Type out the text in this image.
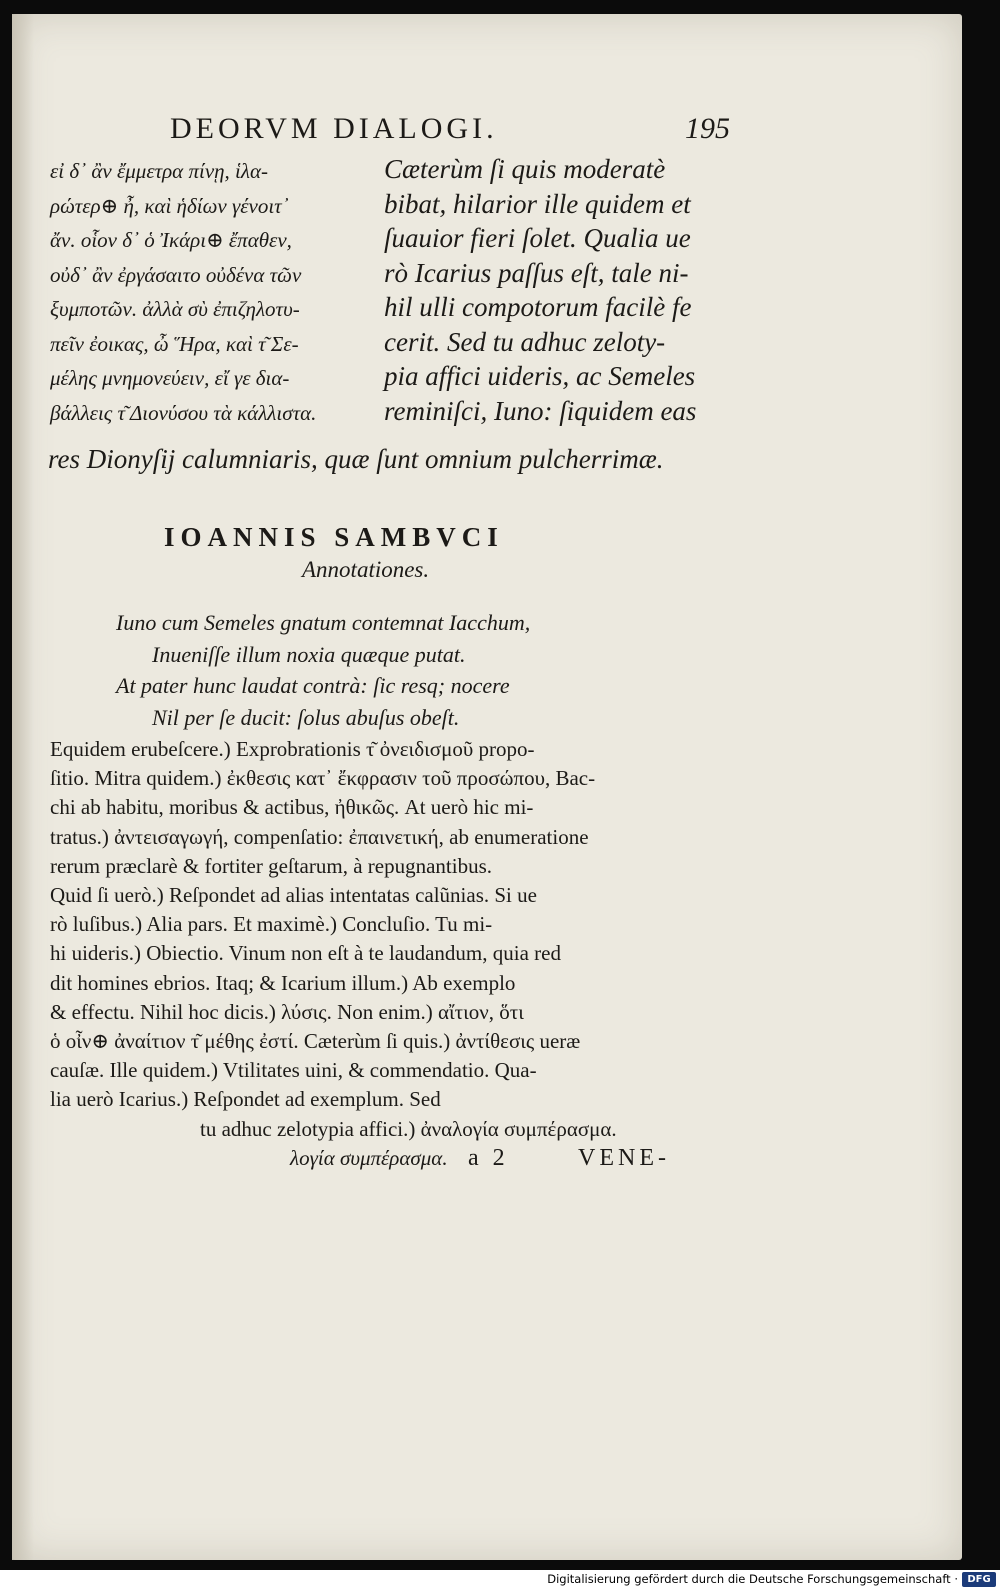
DEORVM DIALOGI.	195
εἰ δ᾽ ἂν ἔμμετρα πίνῃ, ἱλα-
ρώτερ⊕ ἦ, καὶ ἡδίων γένοιτ᾽
ἄν. οἷον δ᾽ ὁ Ἰκάρι⊕ ἔπαθεν,
οὐδ᾽ ἂν ἐργάσαιτο οὐδένα τῶν
ξυμποτῶν. ἀλλὰ σὺ ἐπιζηλοτυ-
πεῖν ἐοικας, ὦ Ἥρα, καὶ τ͂ Σε-
μέλης μνημονεύειν, εἴ γε δια-
βάλλεις τ͂ Διονύσου τὰ κάλλιστα.
Cæterùm ſi quis moderatè
bibat, hilarior ille quidem et
ſuauior fieri ſolet. Qualia ue
rò Icarius paſſus eſt, tale ni-
hil ulli compotorum facilè fe
cerit. Sed tu adhuc zeloty-
pia affici uideris, ac Semeles
reminiſci, Iuno: ſiquidem eas
res Dionyſij calumniaris, quæ ſunt omnium pulcherrimæ.
IOANNIS SAMBVCI
Annotationes.
Iuno cum Semeles gnatum contemnat Iacchum,
Inueniſſe illum noxia quæque putat.
At pater hunc laudat contrà: ſic resq; nocere
Nil per ſe ducit: ſolus abuſus obeſt.
Equidem erubeſcere.) Exprobrationis τ͂ ὀνειδισμοῦ propo-
ſitio. Mitra quidem.) ἐκθεσις κατ᾽ ἔκφρασιν τοῦ προσώπου, Bac-
chi ab habitu, moribus & actibus, ἠθικῶς. At uerò hic mi-
tratus.) ἀντεισαγωγή, compenſatio: ἐπαινετική, ab enumeratione
rerum præclarè & fortiter geſtarum, à repugnantibus.
Quid ſi uerò.) Reſpondet ad alias intentatas calũnias. Si ue
rò luſibus.) Alia pars. Et maximè.) Concluſio. Tu mi-
hi uideris.) Obiectio. Vinum non eſt à te laudandum, quia red
dit homines ebrios. Itaq; & Icarium illum.) Ab exemplo
& effectu. Nihil hoc dicis.) λύσις. Non enim.) αἴτιον, ὅτι
ὁ οἶν⊕ ἀναίτιον τ͂ μέθης ἐστί. Cæterùm ſi quis.) ἀντίθεσις ueræ
cauſæ. Ille quidem.) Vtilitates uini, & commendatio. Qua-
lia uerò Icarius.) Reſpondet ad exemplum. Sed
tu adhuc zelotypia affici.) ἀναλογία συμπέρασμα.
λογία συμπέρασμα. a 2	VENE-
Digitalisierung gefördert durch die Deutsche Forschungsgemeinschaft · DFG
